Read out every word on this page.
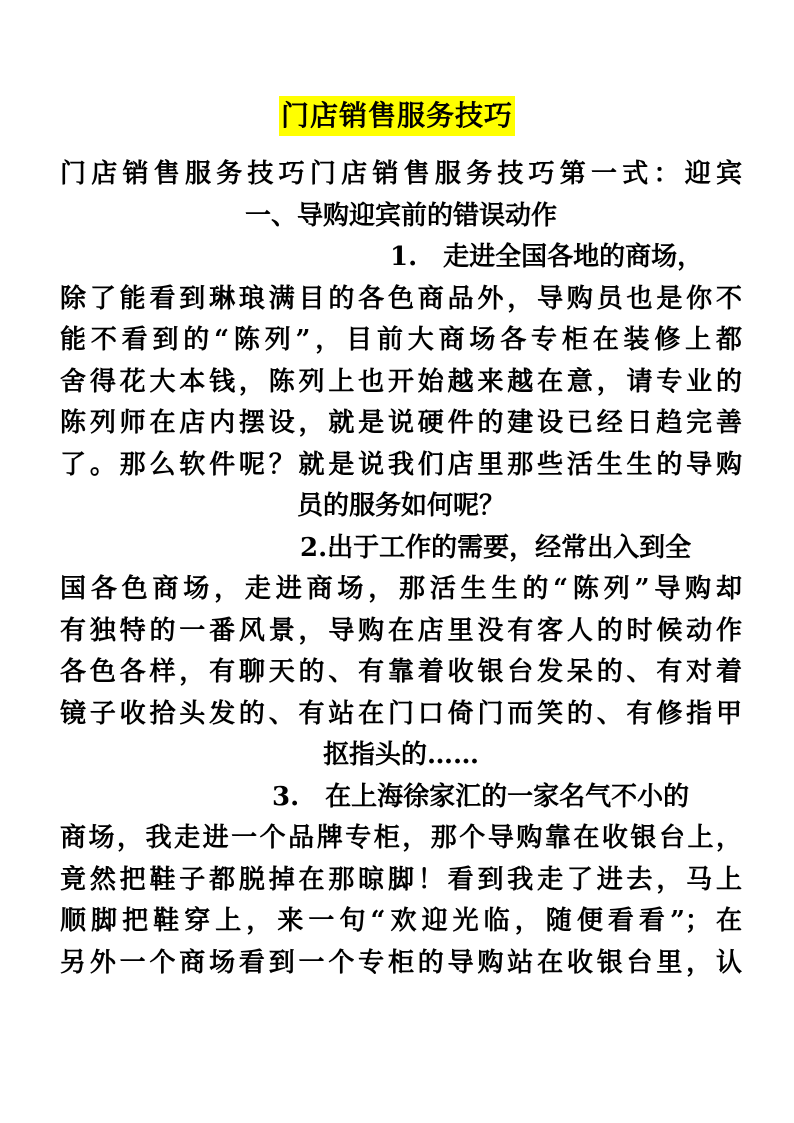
门店销售服务技巧
门店销售服务技巧门店销售服务技巧第一式：迎宾
一、导购迎宾前的错误动作
1.　走进全国各地的商场，
除了能看到琳琅满目的各色商品外，导购员也是你不
能不看到的“陈列”，目前大商场各专柜在装修上都
舍得花大本钱，陈列上也开始越来越在意，请专业的
陈列师在店内摆设，就是说硬件的建设已经日趋完善
了。那么软件呢？就是说我们店里那些活生生的导购
员的服务如何呢？
2.出于工作的需要，经常出入到全
国各色商场，走进商场，那活生生的“陈列”导购却
有独特的一番风景，导购在店里没有客人的时候动作
各色各样，有聊天的、有靠着收银台发呆的、有对着
镜子收拾头发的、有站在门口倚门而笑的、有修指甲
抠指头的……
3.　在上海徐家汇的一家名气不小的
商场，我走进一个品牌专柜，那个导购靠在收银台上，
竟然把鞋子都脱掉在那晾脚！看到我走了进去，马上
顺脚把鞋穿上，来一句“欢迎光临，随便看看”；在
另外一个商场看到一个专柜的导购站在收银台里，认
